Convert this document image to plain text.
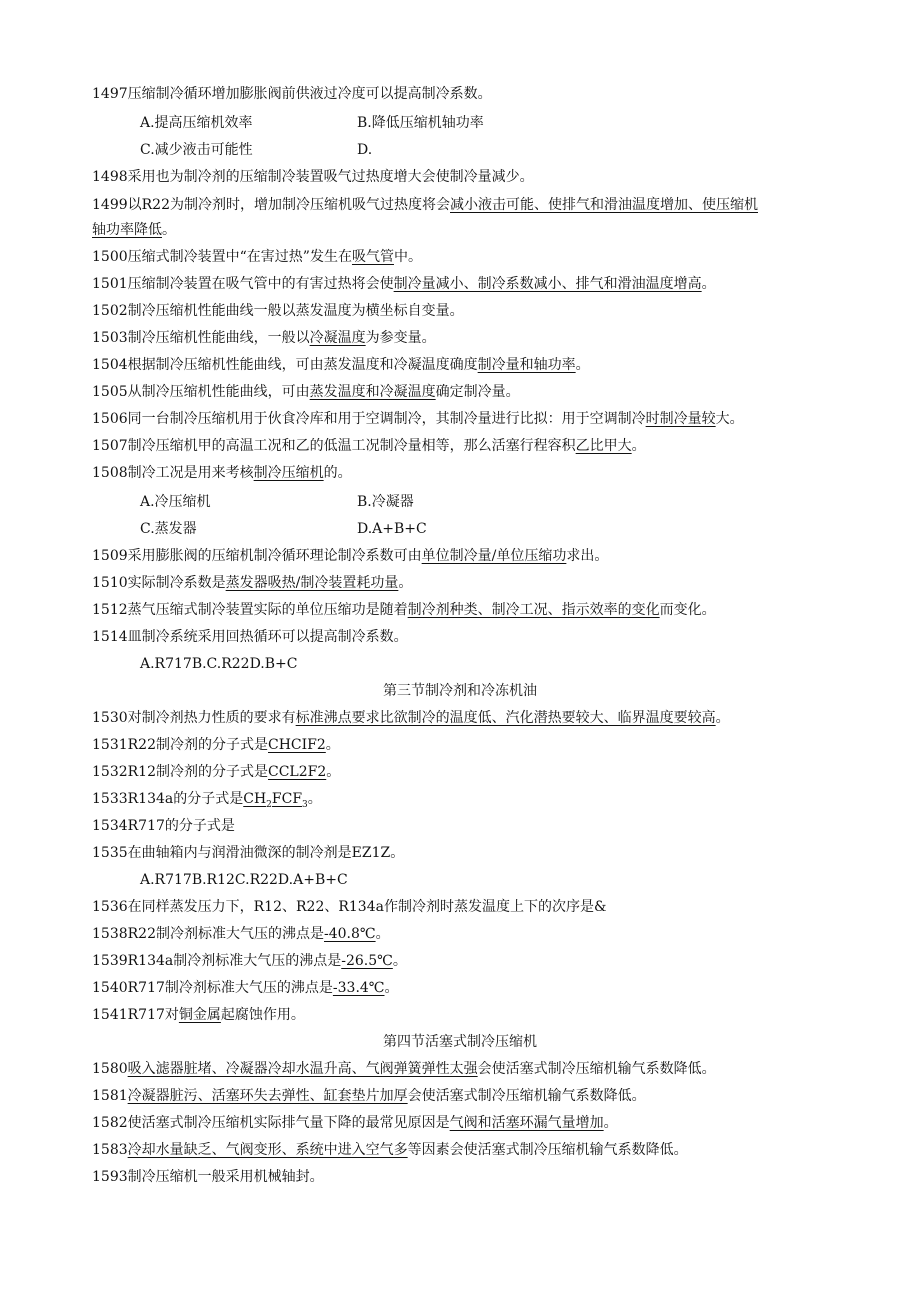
1497压缩制冷循环增加膨胀阀前供液过冷度可以提高制冷系数。
A.提高压缩机效率	B.降低压缩机轴功率
C.减少液击可能性	D.
1498采用也为制冷剂的压缩制冷装置吸气过热度增大会使制冷量减少。
1499以R22为制冷剂时，增加制冷压缩机吸气过热度将会减小液击可能、使排气和滑油温度增加、使压缩机
轴功率降低。
1500压缩式制冷装置中“在害过热”发生在吸气管中。
1501压缩制冷装置在吸气管中的有害过热将会使制冷量减小、制冷系数减小、排气和滑油温度增高。
1502制冷压缩机性能曲线一般以蒸发温度为横坐标自变量。
1503制冷压缩机性能曲线，一般以冷凝温度为参变量。
1504根据制冷压缩机性能曲线，可由蒸发温度和冷凝温度确度制冷量和轴功率。
1505从制冷压缩机性能曲线，可由蒸发温度和冷凝温度确定制冷量。
1506同一台制冷压缩机用于伙食冷库和用于空调制冷，其制冷量进行比拟：用于空调制冷时制冷量较大。
1507制冷压缩机甲的高温工况和乙的低温工况制冷量相等，那么活塞行程容积乙比甲大。
1508制冷工况是用来考核制冷压缩机的。
A.冷压缩机	B.冷凝器
C.蒸发器	D.A+B+C
1509采用膨胀阀的压缩机制冷循环理论制冷系数可由单位制冷量/单位压缩功求出。
1510实际制冷系数是蒸发器吸热/制冷装置耗功量。
1512蒸气压缩式制冷装置实际的单位压缩功是随着制冷剂种类、制冷工况、指示效率的变化而变化。
1514皿制冷系统采用回热循环可以提高制冷系数。
A.R717B.C.R22D.B+C
第三节制冷剂和冷冻机油
1530对制冷剂热力性质的要求有标准沸点要求比欲制冷的温度低、汽化潜热要较大、临界温度要较高。
1531R22制冷剂的分子式是CHCIF2。
1532R12制冷剂的分子式是CCL2F2。
1533R134a的分子式是$CH_2FCF_3$。
1534R717的分子式是
1535在曲轴箱内与润滑油微深的制冷剂是EZ1Z。
A.R717B.R12C.R22D.A+B+C
1536在同样蒸发压力下，R12、R22、R134a作制冷剂时蒸发温度上下的次序是&
1538R22制冷剂标准大气压的沸点是-40.8℃。
1539R134a制冷剂标准大气压的沸点是-26.5℃。
1540R717制冷剂标准大气压的沸点是-33.4℃。
1541R717对铜金属起腐蚀作用。
第四节活塞式制冷压缩机
1580吸入滤器脏堵、冷凝器冷却水温升高、气阀弹簧弹性太强会使活塞式制冷压缩机输气系数降低。
1581冷凝器脏污、活塞环失去弹性、缸套垫片加厚会使活塞式制冷压缩机输气系数降低。
1582使活塞式制冷压缩机实际排气量下降的最常见原因是气阀和活塞环漏气量增加。
1583冷却水量缺乏、气阀变形、系统中进入空气多等因素会使活塞式制冷压缩机输气系数降低。
1593制冷压缩机一般采用机械轴封。
